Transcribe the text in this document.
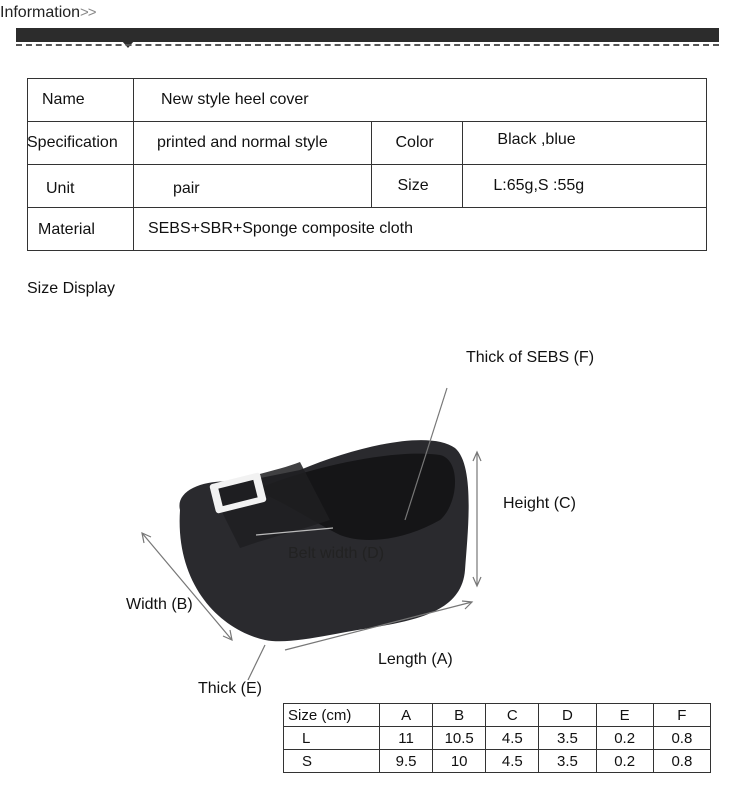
Information>>
Name	New style heel cover		

Specification	printed and normal style	Color	Black ,blue

Unit	pair	Size	L:65g,S :55g

Material	SEBS+SBR+Sponge composite cloth		
Size Display
Thick of SEBS (F)
Height (C)
Belt width (D)
Width (B)
Length (A)
Thick (E)
Size (cm)	A	B	C	D	E	F
L	11	10.5	4.5	3.5	0.2	0.8
S	9.5	10	4.5	3.5	0.2	0.8
